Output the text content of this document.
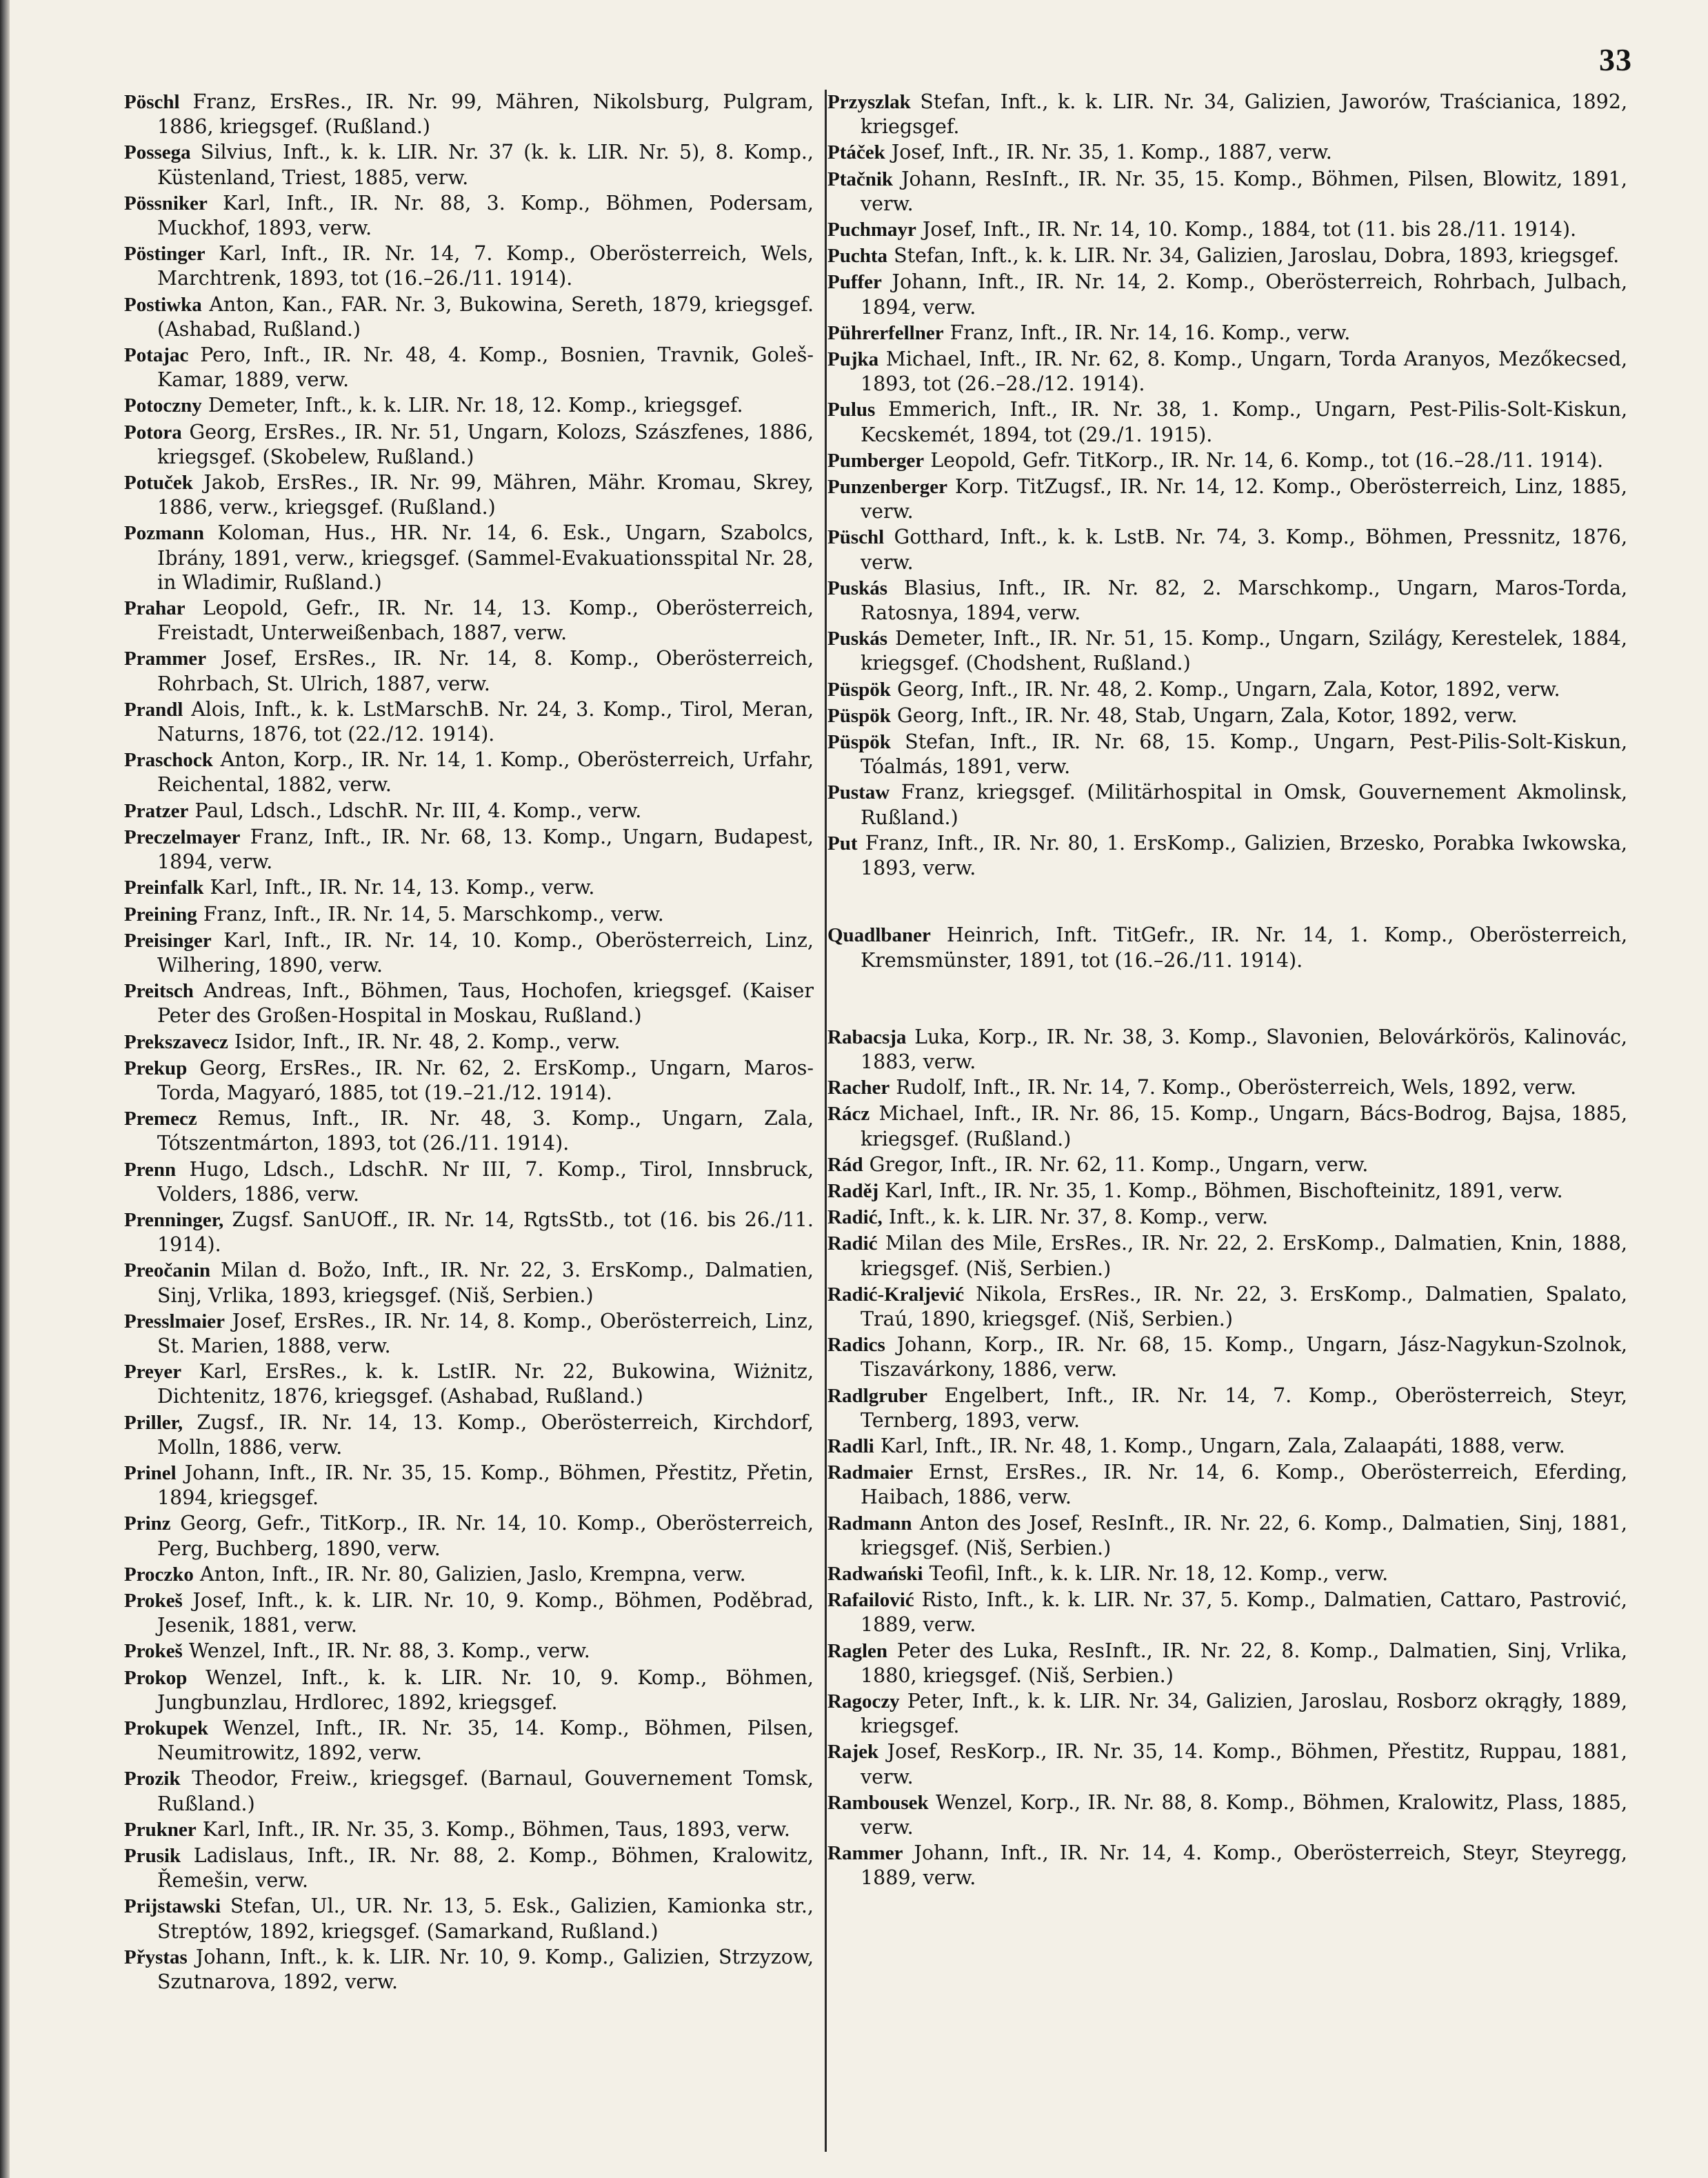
33
Pöschl Franz, ErsRes., IR. Nr. 99, Mähren, Nikolsburg, Pulgram, 1886, kriegsgef. (Rußland.)
Possega Silvius, Inft., k. k. LIR. Nr. 37 (k. k. LIR. Nr. 5), 8. Komp., Küstenland, Triest, 1885, verw.
Pössniker Karl, Inft., IR. Nr. 88, 3. Komp., Böhmen, Podersam, Muckhof, 1893, verw.
Pöstinger Karl, Inft., IR. Nr. 14, 7. Komp., Oberösterreich, Wels, Marchtrenk, 1893, tot (16.–26./11. 1914).
Postiwka Anton, Kan., FAR. Nr. 3, Bukowina, Sereth, 1879, kriegsgef. (Ashabad, Rußland.)
Potajac Pero, Inft., IR. Nr. 48, 4. Komp., Bosnien, Travnik, Goleš-Kamar, 1889, verw.
Potoczny Demeter, Inft., k. k. LIR. Nr. 18, 12. Komp., kriegsgef.
Potora Georg, ErsRes., IR. Nr. 51, Ungarn, Kolozs, Szászfenes, 1886, kriegsgef. (Skobelew, Rußland.)
Potuček Jakob, ErsRes., IR. Nr. 99, Mähren, Mähr. Kromau, Skrey, 1886, verw., kriegsgef. (Rußland.)
Pozmann Koloman, Hus., HR. Nr. 14, 6. Esk., Ungarn, Szabolcs, Ibrány, 1891, verw., kriegsgef. (Sammel-Evakuationsspital Nr. 28, in Wladimir, Rußland.)
Prahar Leopold, Gefr., IR. Nr. 14, 13. Komp., Oberösterreich, Freistadt, Unterweißenbach, 1887, verw.
Prammer Josef, ErsRes., IR. Nr. 14, 8. Komp., Oberösterreich, Rohrbach, St. Ulrich, 1887, verw.
Prandl Alois, Inft., k. k. LstMarschB. Nr. 24, 3. Komp., Tirol, Meran, Naturns, 1876, tot (22./12. 1914).
Praschock Anton, Korp., IR. Nr. 14, 1. Komp., Oberösterreich, Urfahr, Reichental, 1882, verw.
Pratzer Paul, Ldsch., LdschR. Nr. III, 4. Komp., verw.
Preczelmayer Franz, Inft., IR. Nr. 68, 13. Komp., Ungarn, Budapest, 1894, verw.
Preinfalk Karl, Inft., IR. Nr. 14, 13. Komp., verw.
Preining Franz, Inft., IR. Nr. 14, 5. Marschkomp., verw.
Preisinger Karl, Inft., IR. Nr. 14, 10. Komp., Oberösterreich, Linz, Wilhering, 1890, verw.
Preitsch Andreas, Inft., Böhmen, Taus, Hochofen, kriegsgef. (Kaiser Peter des Großen-Hospital in Moskau, Rußland.)
Prekszavecz Isidor, Inft., IR. Nr. 48, 2. Komp., verw.
Prekup Georg, ErsRes., IR. Nr. 62, 2. ErsKomp., Ungarn, Maros-Torda, Magyaró, 1885, tot (19.–21./12. 1914).
Premecz Remus, Inft., IR. Nr. 48, 3. Komp., Ungarn, Zala, Tótszentmárton, 1893, tot (26./11. 1914).
Prenn Hugo, Ldsch., LdschR. Nr III, 7. Komp., Tirol, Innsbruck, Volders, 1886, verw.
Prenninger, Zugsf. SanUOff., IR. Nr. 14, RgtsStb., tot (16. bis 26./11. 1914).
Preočanin Milan d. Božo, Inft., IR. Nr. 22, 3. ErsKomp., Dalmatien, Sinj, Vrlika, 1893, kriegsgef. (Niš, Serbien.)
Presslmaier Josef, ErsRes., IR. Nr. 14, 8. Komp., Oberösterreich, Linz, St. Marien, 1888, verw.
Preyer Karl, ErsRes., k. k. LstIR. Nr. 22, Bukowina, Wiżnitz, Dichtenitz, 1876, kriegsgef. (Ashabad, Rußland.)
Priller, Zugsf., IR. Nr. 14, 13. Komp., Oberösterreich, Kirchdorf, Molln, 1886, verw.
Prinel Johann, Inft., IR. Nr. 35, 15. Komp., Böhmen, Přestitz, Přetin, 1894, kriegsgef.
Prinz Georg, Gefr., TitKorp., IR. Nr. 14, 10. Komp., Oberösterreich, Perg, Buchberg, 1890, verw.
Proczko Anton, Inft., IR. Nr. 80, Galizien, Jaslo, Krempna, verw.
Prokeš Josef, Inft., k. k. LIR. Nr. 10, 9. Komp., Böhmen, Poděbrad, Jesenik, 1881, verw.
Prokeš Wenzel, Inft., IR. Nr. 88, 3. Komp., verw.
Prokop Wenzel, Inft., k. k. LIR. Nr. 10, 9. Komp., Böhmen, Jungbunzlau, Hrdlorec, 1892, kriegsgef.
Prokupek Wenzel, Inft., IR. Nr. 35, 14. Komp., Böhmen, Pilsen, Neumitrowitz, 1892, verw.
Prozik Theodor, Freiw., kriegsgef. (Barnaul, Gouvernement Tomsk, Rußland.)
Prukner Karl, Inft., IR. Nr. 35, 3. Komp., Böhmen, Taus, 1893, verw.
Prusik Ladislaus, Inft., IR. Nr. 88, 2. Komp., Böhmen, Kralowitz, Řemešin, verw.
Prijstawski Stefan, Ul., UR. Nr. 13, 5. Esk., Galizien, Kamionka str., Streptów, 1892, kriegsgef. (Samarkand, Rußland.)
Přystas Johann, Inft., k. k. LIR. Nr. 10, 9. Komp., Galizien, Strzyzow, Szutnarova, 1892, verw.
Przyszlak Stefan, Inft., k. k. LIR. Nr. 34, Galizien, Jaworów, Traścianica, 1892, kriegsgef.
Ptáček Josef, Inft., IR. Nr. 35, 1. Komp., 1887, verw.
Ptačnik Johann, ResInft., IR. Nr. 35, 15. Komp., Böhmen, Pilsen, Blowitz, 1891, verw.
Puchmayr Josef, Inft., IR. Nr. 14, 10. Komp., 1884, tot (11. bis 28./11. 1914).
Puchta Stefan, Inft., k. k. LIR. Nr. 34, Galizien, Jaroslau, Dobra, 1893, kriegsgef.
Puffer Johann, Inft., IR. Nr. 14, 2. Komp., Oberösterreich, Rohrbach, Julbach, 1894, verw.
Pührerfellner Franz, Inft., IR. Nr. 14, 16. Komp., verw.
Pujka Michael, Inft., IR. Nr. 62, 8. Komp., Ungarn, Torda Aranyos, Mezőkecsed, 1893, tot (26.–28./12. 1914).
Pulus Emmerich, Inft., IR. Nr. 38, 1. Komp., Ungarn, Pest-Pilis-Solt-Kiskun, Kecskemét, 1894, tot (29./1. 1915).
Pumberger Leopold, Gefr. TitKorp., IR. Nr. 14, 6. Komp., tot (16.–28./11. 1914).
Punzenberger Korp. TitZugsf., IR. Nr. 14, 12. Komp., Oberösterreich, Linz, 1885, verw.
Püschl Gotthard, Inft., k. k. LstB. Nr. 74, 3. Komp., Böhmen, Pressnitz, 1876, verw.
Puskás Blasius, Inft., IR. Nr. 82, 2. Marschkomp., Ungarn, Maros-Torda, Ratosnya, 1894, verw.
Puskás Demeter, Inft., IR. Nr. 51, 15. Komp., Ungarn, Szilágy, Kerestelek, 1884, kriegsgef. (Chodshent, Rußland.)
Püspök Georg, Inft., IR. Nr. 48, 2. Komp., Ungarn, Zala, Kotor, 1892, verw.
Püspök Georg, Inft., IR. Nr. 48, Stab, Ungarn, Zala, Kotor, 1892, verw.
Püspök Stefan, Inft., IR. Nr. 68, 15. Komp., Ungarn, Pest-Pilis-Solt-Kiskun, Tóalmás, 1891, verw.
Pustaw Franz, kriegsgef. (Militärhospital in Omsk, Gouvernement Akmolinsk, Rußland.)
Put Franz, Inft., IR. Nr. 80, 1. ErsKomp., Galizien, Brzesko, Porabka Iwkowska, 1893, verw.
Quadlbaner Heinrich, Inft. TitGefr., IR. Nr. 14, 1. Komp., Oberösterreich, Kremsmünster, 1891, tot (16.–26./11. 1914).
Rabacsja Luka, Korp., IR. Nr. 38, 3. Komp., Slavonien, Belovárkörös, Kalinovác, 1883, verw.
Racher Rudolf, Inft., IR. Nr. 14, 7. Komp., Oberösterreich, Wels, 1892, verw.
Rácz Michael, Inft., IR. Nr. 86, 15. Komp., Ungarn, Bács-Bodrog, Bajsa, 1885, kriegsgef. (Rußland.)
Rád Gregor, Inft., IR. Nr. 62, 11. Komp., Ungarn, verw.
Raděj Karl, Inft., IR. Nr. 35, 1. Komp., Böhmen, Bischofteinitz, 1891, verw.
Radić, Inft., k. k. LIR. Nr. 37, 8. Komp., verw.
Radić Milan des Mile, ErsRes., IR. Nr. 22, 2. ErsKomp., Dalmatien, Knin, 1888, kriegsgef. (Niš, Serbien.)
Radić-Kraljević Nikola, ErsRes., IR. Nr. 22, 3. ErsKomp., Dalmatien, Spalato, Traú, 1890, kriegsgef. (Niš, Serbien.)
Radics Johann, Korp., IR. Nr. 68, 15. Komp., Ungarn, Jász-Nagykun-Szolnok, Tiszavárkony, 1886, verw.
Radlgruber Engelbert, Inft., IR. Nr. 14, 7. Komp., Oberösterreich, Steyr, Ternberg, 1893, verw.
Radli Karl, Inft., IR. Nr. 48, 1. Komp., Ungarn, Zala, Zalaapáti, 1888, verw.
Radmaier Ernst, ErsRes., IR. Nr. 14, 6. Komp., Oberösterreich, Eferding, Haibach, 1886, verw.
Radmann Anton des Josef, ResInft., IR. Nr. 22, 6. Komp., Dalmatien, Sinj, 1881, kriegsgef. (Niš, Serbien.)
Radwański Teofil, Inft., k. k. LIR. Nr. 18, 12. Komp., verw.
Rafailović Risto, Inft., k. k. LIR. Nr. 37, 5. Komp., Dalmatien, Cattaro, Pastrović, 1889, verw.
Raglen Peter des Luka, ResInft., IR. Nr. 22, 8. Komp., Dalmatien, Sinj, Vrlika, 1880, kriegsgef. (Niš, Serbien.)
Ragoczy Peter, Inft., k. k. LIR. Nr. 34, Galizien, Jaroslau, Rosborz okrągły, 1889, kriegsgef.
Rajek Josef, ResKorp., IR. Nr. 35, 14. Komp., Böhmen, Přestitz, Ruppau, 1881, verw.
Rambousek Wenzel, Korp., IR. Nr. 88, 8. Komp., Böhmen, Kralowitz, Plass, 1885, verw.
Rammer Johann, Inft., IR. Nr. 14, 4. Komp., Oberösterreich, Steyr, Steyregg, 1889, verw.
